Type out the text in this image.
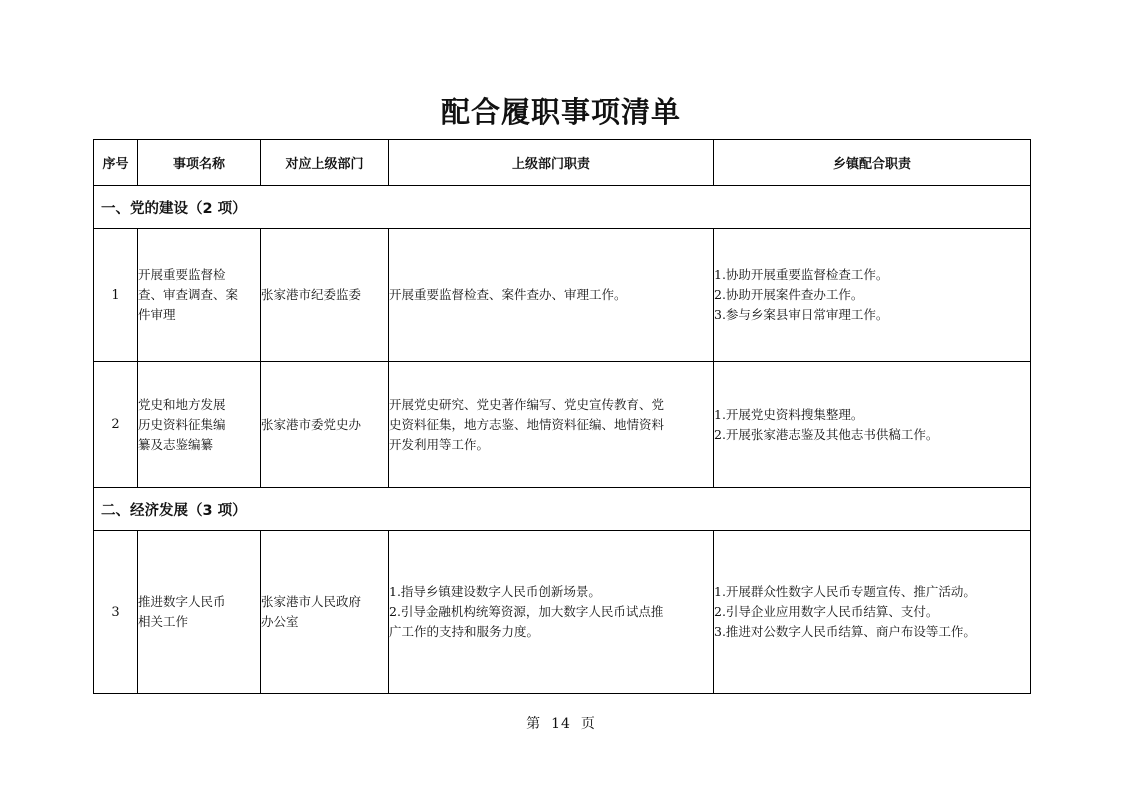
配合履职事项清单
序号	事项名称	对应上级部门	上级部门职责	乡镇配合职责
一、党的建设（2 项）				
1	开展重要监督检
查、审查调查、案
件审理	张家港市纪委监委	开展重要监督检查、案件查办、审理工作。	1.协助开展重要监督检查工作。
2.协助开展案件查办工作。
3.参与乡案县审日常审理工作。

2	党史和地方发展
历史资料征集编
纂及志鉴编纂	张家港市委党史办	开展党史研究、党史著作编写、党史宣传教育、党
史资料征集，地方志鉴、地情资料征编、地情资料
开发利用等工作。	1.开展党史资料搜集整理。
2.开展张家港志鉴及其他志书供稿工作。

二、经济发展（3 项）				
3	推进数字人民币
相关工作	张家港市人民政府
办公室	1.指导乡镇建设数字人民币创新场景。
2.引导金融机构统筹资源，加大数字人民币试点推
广工作的支持和服务力度。	1.开展群众性数字人民币专题宣传、推广活动。
2.引导企业应用数字人民币结算、支付。
3.推进对公数字人民币结算、商户布设等工作。
第 14 页
